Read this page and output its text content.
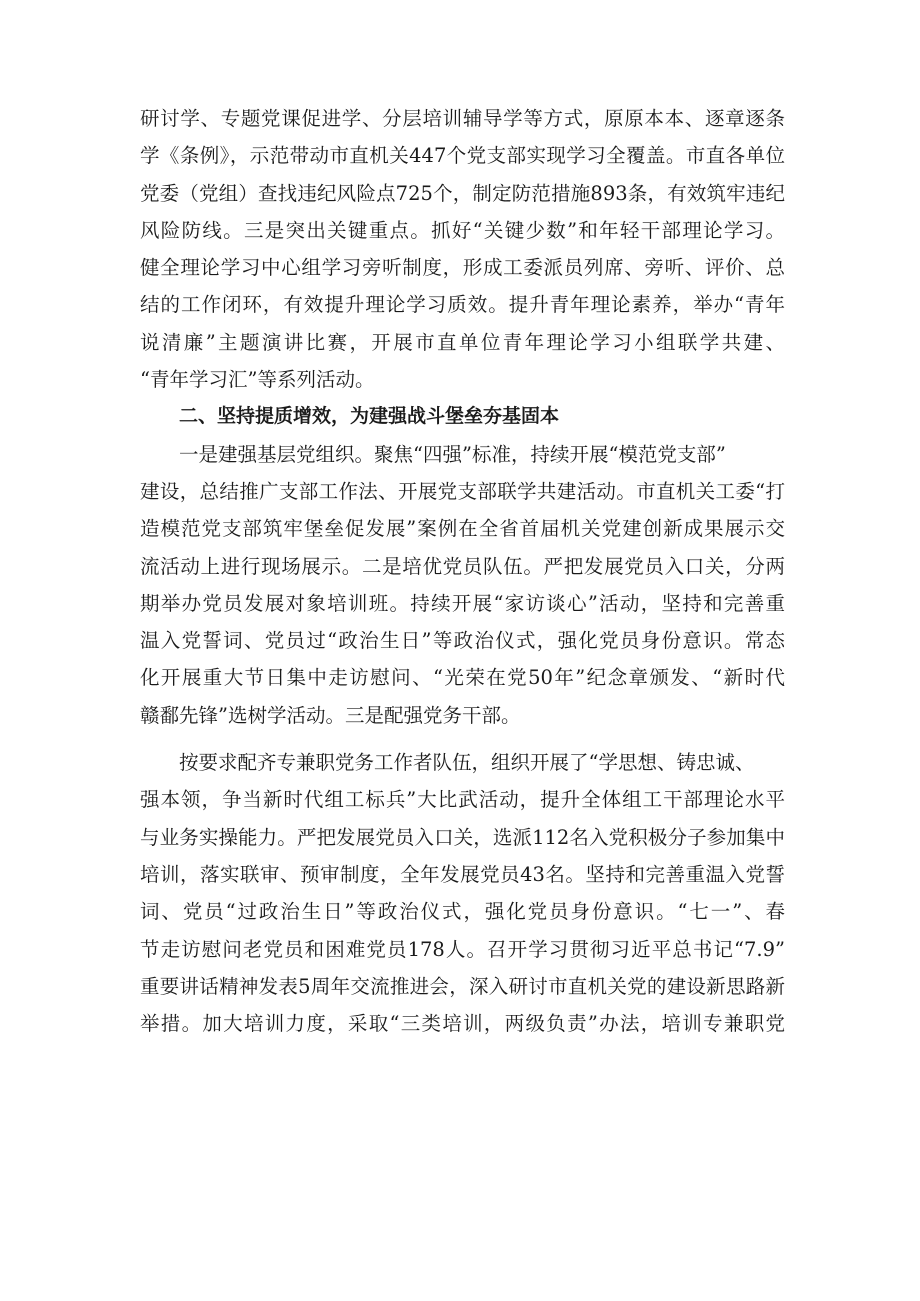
研讨学、专题党课促进学、分层培训辅导学等方式，原原本本、逐章逐条
学《条例》，示范带动市直机关447个党支部实现学习全覆盖。市直各单位
党委（党组）查找违纪风险点725个，制定防范措施893条，有效筑牢违纪
风险防线。三是突出关键重点。抓好“关键少数”和年轻干部理论学习。
健全理论学习中心组学习旁听制度，形成工委派员列席、旁听、评价、总
结的工作闭环，有效提升理论学习质效。提升青年理论素养，举办“青年
说清廉”主题演讲比赛，开展市直单位青年理论学习小组联学共建、
“青年学习汇”等系列活动。
二、坚持提质增效，为建强战斗堡垒夯基固本
一是建强基层党组织。聚焦“四强”标准，持续开展“模范党支部”
建设，总结推广支部工作法、开展党支部联学共建活动。市直机关工委“打
造模范党支部筑牢堡垒促发展”案例在全省首届机关党建创新成果展示交
流活动上进行现场展示。二是培优党员队伍。严把发展党员入口关，分两
期举办党员发展对象培训班。持续开展“家访谈心”活动，坚持和完善重
温入党誓词、党员过“政治生日”等政治仪式，强化党员身份意识。常态
化开展重大节日集中走访慰问、“光荣在党50年”纪念章颁发、“新时代
赣鄱先锋”选树学活动。三是配强党务干部。
按要求配齐专兼职党务工作者队伍，组织开展了“学思想、铸忠诚、
强本领，争当新时代组工标兵”大比武活动，提升全体组工干部理论水平
与业务实操能力。严把发展党员入口关，选派112名入党积极分子参加集中
培训，落实联审、预审制度，全年发展党员43名。坚持和完善重温入党誓
词、党员“过政治生日”等政治仪式，强化党员身份意识。“七一”、春
节走访慰问老党员和困难党员178人。召开学习贯彻习近平总书记“7.9”
重要讲话精神发表5周年交流推进会，深入研讨市直机关党的建设新思路新
举措。加大培训力度，采取“三类培训，两级负责”办法，培训专兼职党
